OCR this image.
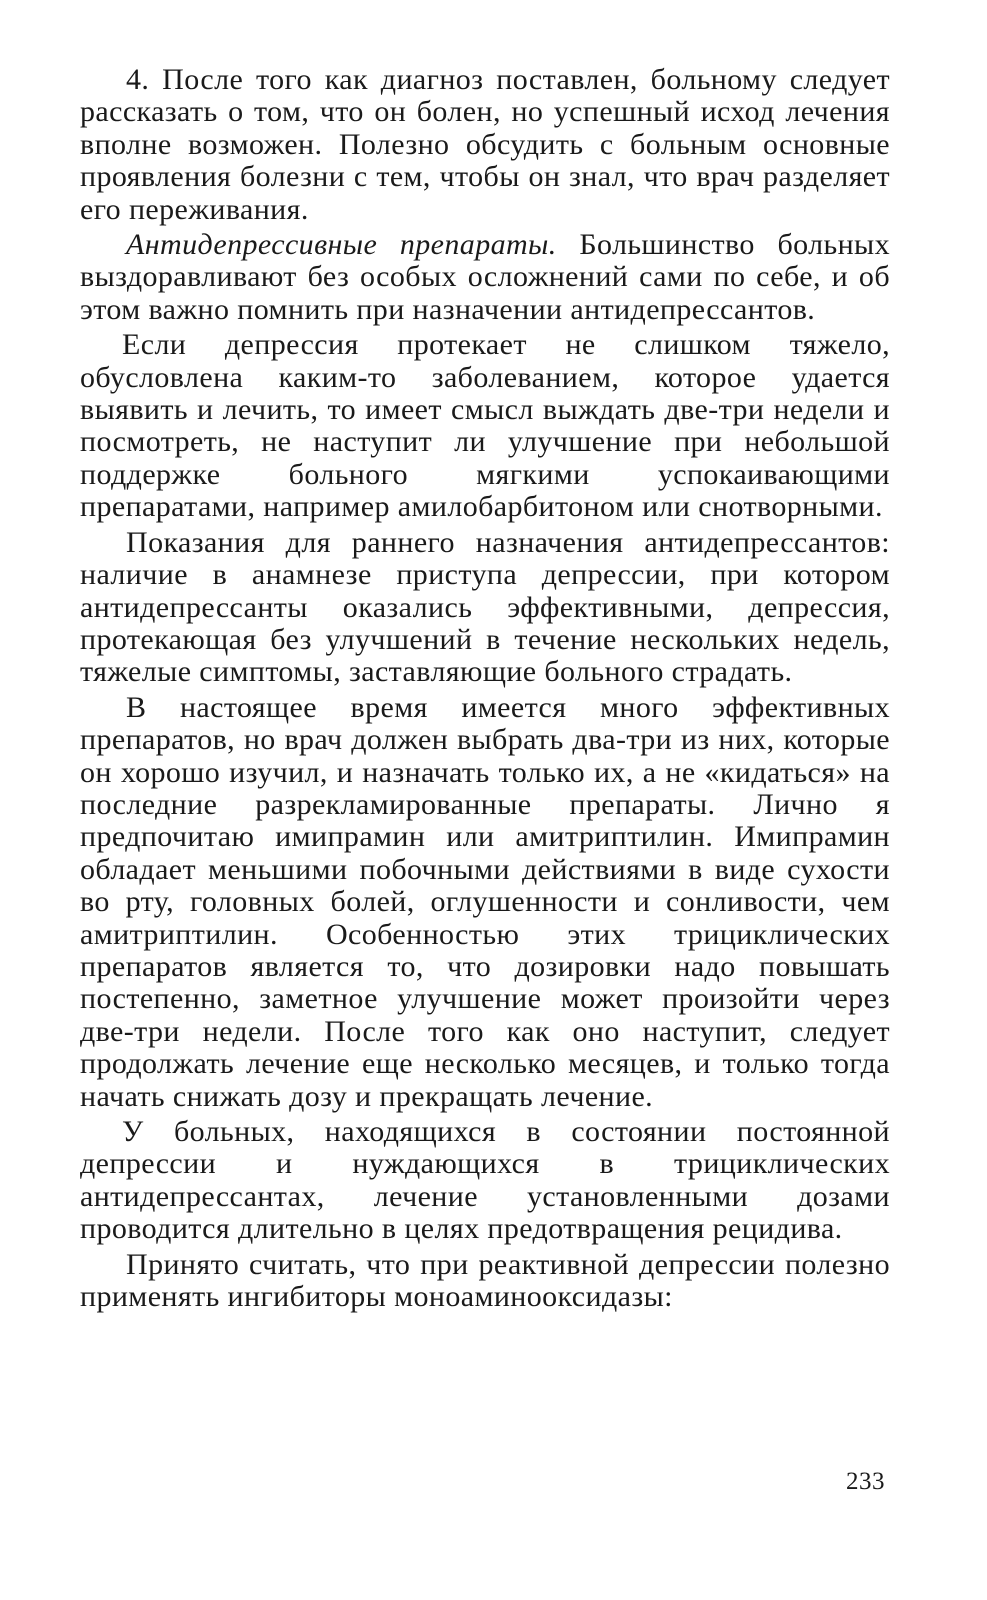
4. После того как диагноз поставлен, больному следует рассказать о том, что он болен, но успешный исход лечения вполне возможен. Полезно обсудить с больным основные проявления болезни с тем, чтобы он знал, что врач разделяет его переживания.

Антидепрессивные препараты. Большинство больных выздоравливают без особых осложнений сами по себе, и об этом важно помнить при назначении антидепрессантов.

Если депрессия протекает не слишком тяжело, обусловлена каким-то заболеванием, которое удается выявить и лечить, то имеет смысл выждать две-три недели и посмотреть, не наступит ли улучшение при небольшой поддержке больного мягкими успокаивающими препаратами, например амилобарбитоном или снотворными.

Показания для раннего назначения антидепрессантов: наличие в анамнезе приступа депрессии, при котором антидепрессанты оказались эффективными, депрессия, протекающая без улучшений в течение нескольких недель, тяжелые симптомы, заставляющие больного страдать.

В настоящее время имеется много эффективных препаратов, но врач должен выбрать два-три из них, которые он хорошо изучил, и назначать только их, а не «кидаться» на последние разрекламированные препараты. Лично я предпочитаю имипрамин или амитриптилин. Имипрамин обладает меньшими побочными действиями в виде сухости во рту, головных болей, оглушенности и сонливости, чем амитриптилин. Особенностью этих трициклических препаратов является то, что дозировки надо повышать постепенно, заметное улучшение может произойти через две-три недели. После того как оно наступит, следует продолжать лечение еще несколько месяцев, и только тогда начать снижать дозу и прекращать лечение.

У больных, находящихся в состоянии постоянной депрессии и нуждающихся в трициклических антидепрессантах, лечение установленными дозами проводится длительно в целях предотвращения рецидива.

Принято считать, что при реактивной депрессии полезно применять ингибиторы моноаминооксидазы:

233
